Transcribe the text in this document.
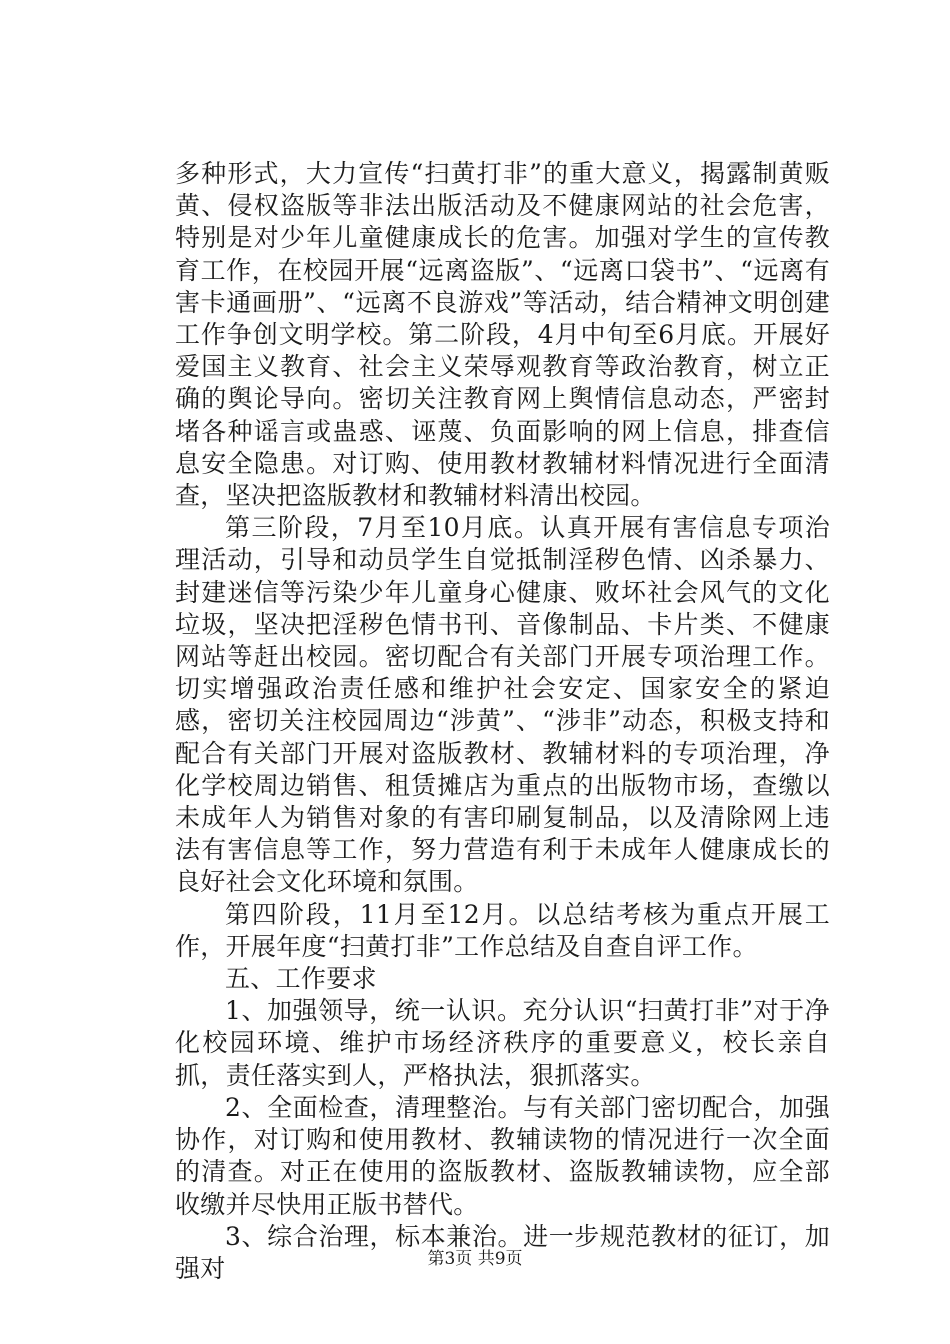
多种形式，大力宣传“扫黄打非”的重大意义，揭露制黄贩黄、侵权盗版等非法出版活动及不健康网站的社会危害，特别是对少年儿童健康成长的危害。加强对学生的宣传教育工作，在校园开展“远离盗版”、“远离口袋书”、“远离有害卡通画册”、“远离不良游戏”等活动，结合精神文明创建工作争创文明学校。第二阶段，4月中旬至6月底。开展好爱国主义教育、社会主义荣辱观教育等政治教育，树立正确的舆论导向。密切关注教育网上舆情信息动态，严密封堵各种谣言或蛊惑、诬蔑、负面影响的网上信息，排查信息安全隐患。对订购、使用教材教辅材料情况进行全面清查，坚决把盗版教材和教辅材料清出校园。

第三阶段，7月至10月底。认真开展有害信息专项治理活动，引导和动员学生自觉抵制淫秽色情、凶杀暴力、封建迷信等污染少年儿童身心健康、败坏社会风气的文化垃圾，坚决把淫秽色情书刊、音像制品、卡片类、不健康网站等赶出校园。密切配合有关部门开展专项治理工作。切实增强政治责任感和维护社会安定、国家安全的紧迫感，密切关注校园周边“涉黄”、“涉非”动态，积极支持和配合有关部门开展对盗版教材、教辅材料的专项治理，净化学校周边销售、租赁摊店为重点的出版物市场，查缴以未成年人为销售对象的有害印刷复制品，以及清除网上违法有害信息等工作，努力营造有利于未成年人健康成长的良好社会文化环境和氛围。

第四阶段，11月至12月。以总结考核为重点开展工作，开展年度“扫黄打非”工作总结及自查自评工作。

五、工作要求

1、加强领导，统一认识。充分认识“扫黄打非”对于净化校园环境、维护市场经济秩序的重要意义，校长亲自抓，责任落实到人，严格执法，狠抓落实。

2、全面检查，清理整治。与有关部门密切配合，加强协作，对订购和使用教材、教辅读物的情况进行一次全面的清查。对正在使用的盗版教材、盗版教辅读物，应全部收缴并尽快用正版书替代。

3、综合治理，标本兼治。进一步规范教材的征订，加强对	第3页 共9页
